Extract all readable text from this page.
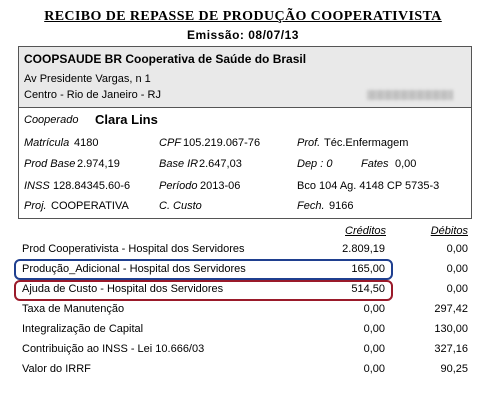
RECIBO DE REPASSE DE PRODUÇÃO COOPERATIVISTA
Emissão: 08/07/13
COOPSAUDE BR Cooperativa de Saúde do Brasil
Av Presidente Vargas, n 1
Centro - Rio de Janeiro - RJ
Cooperado Clara Lins
Matrícula 4180	CPF 105.219.067-76	Prof. Téc.Enfermagem
Prod Base 2.974,19	Base IR 2.647,03	Dep : 0	Fates 0,00
INSS 128.84345.60-6	Período 2013-06	Bco 104 Ag. 4148 CP 5735-3
Proj. COOPERATIVA	C. Custo	Fech. 9166
Créditos	Débitos
Prod Cooperativista - Hospital dos Servidores	2.809,19	0,00
Produção_Adicional - Hospital dos Servidores	165,00	0,00
Ajuda de Custo - Hospital dos Servidores	514,50	0,00
Taxa de Manutenção	0,00	297,42
Integralização de Capital	0,00	130,00
Contribuição ao INSS - Lei 10.666/03	0,00	327,16
Valor do IRRF	0,00	90,25
